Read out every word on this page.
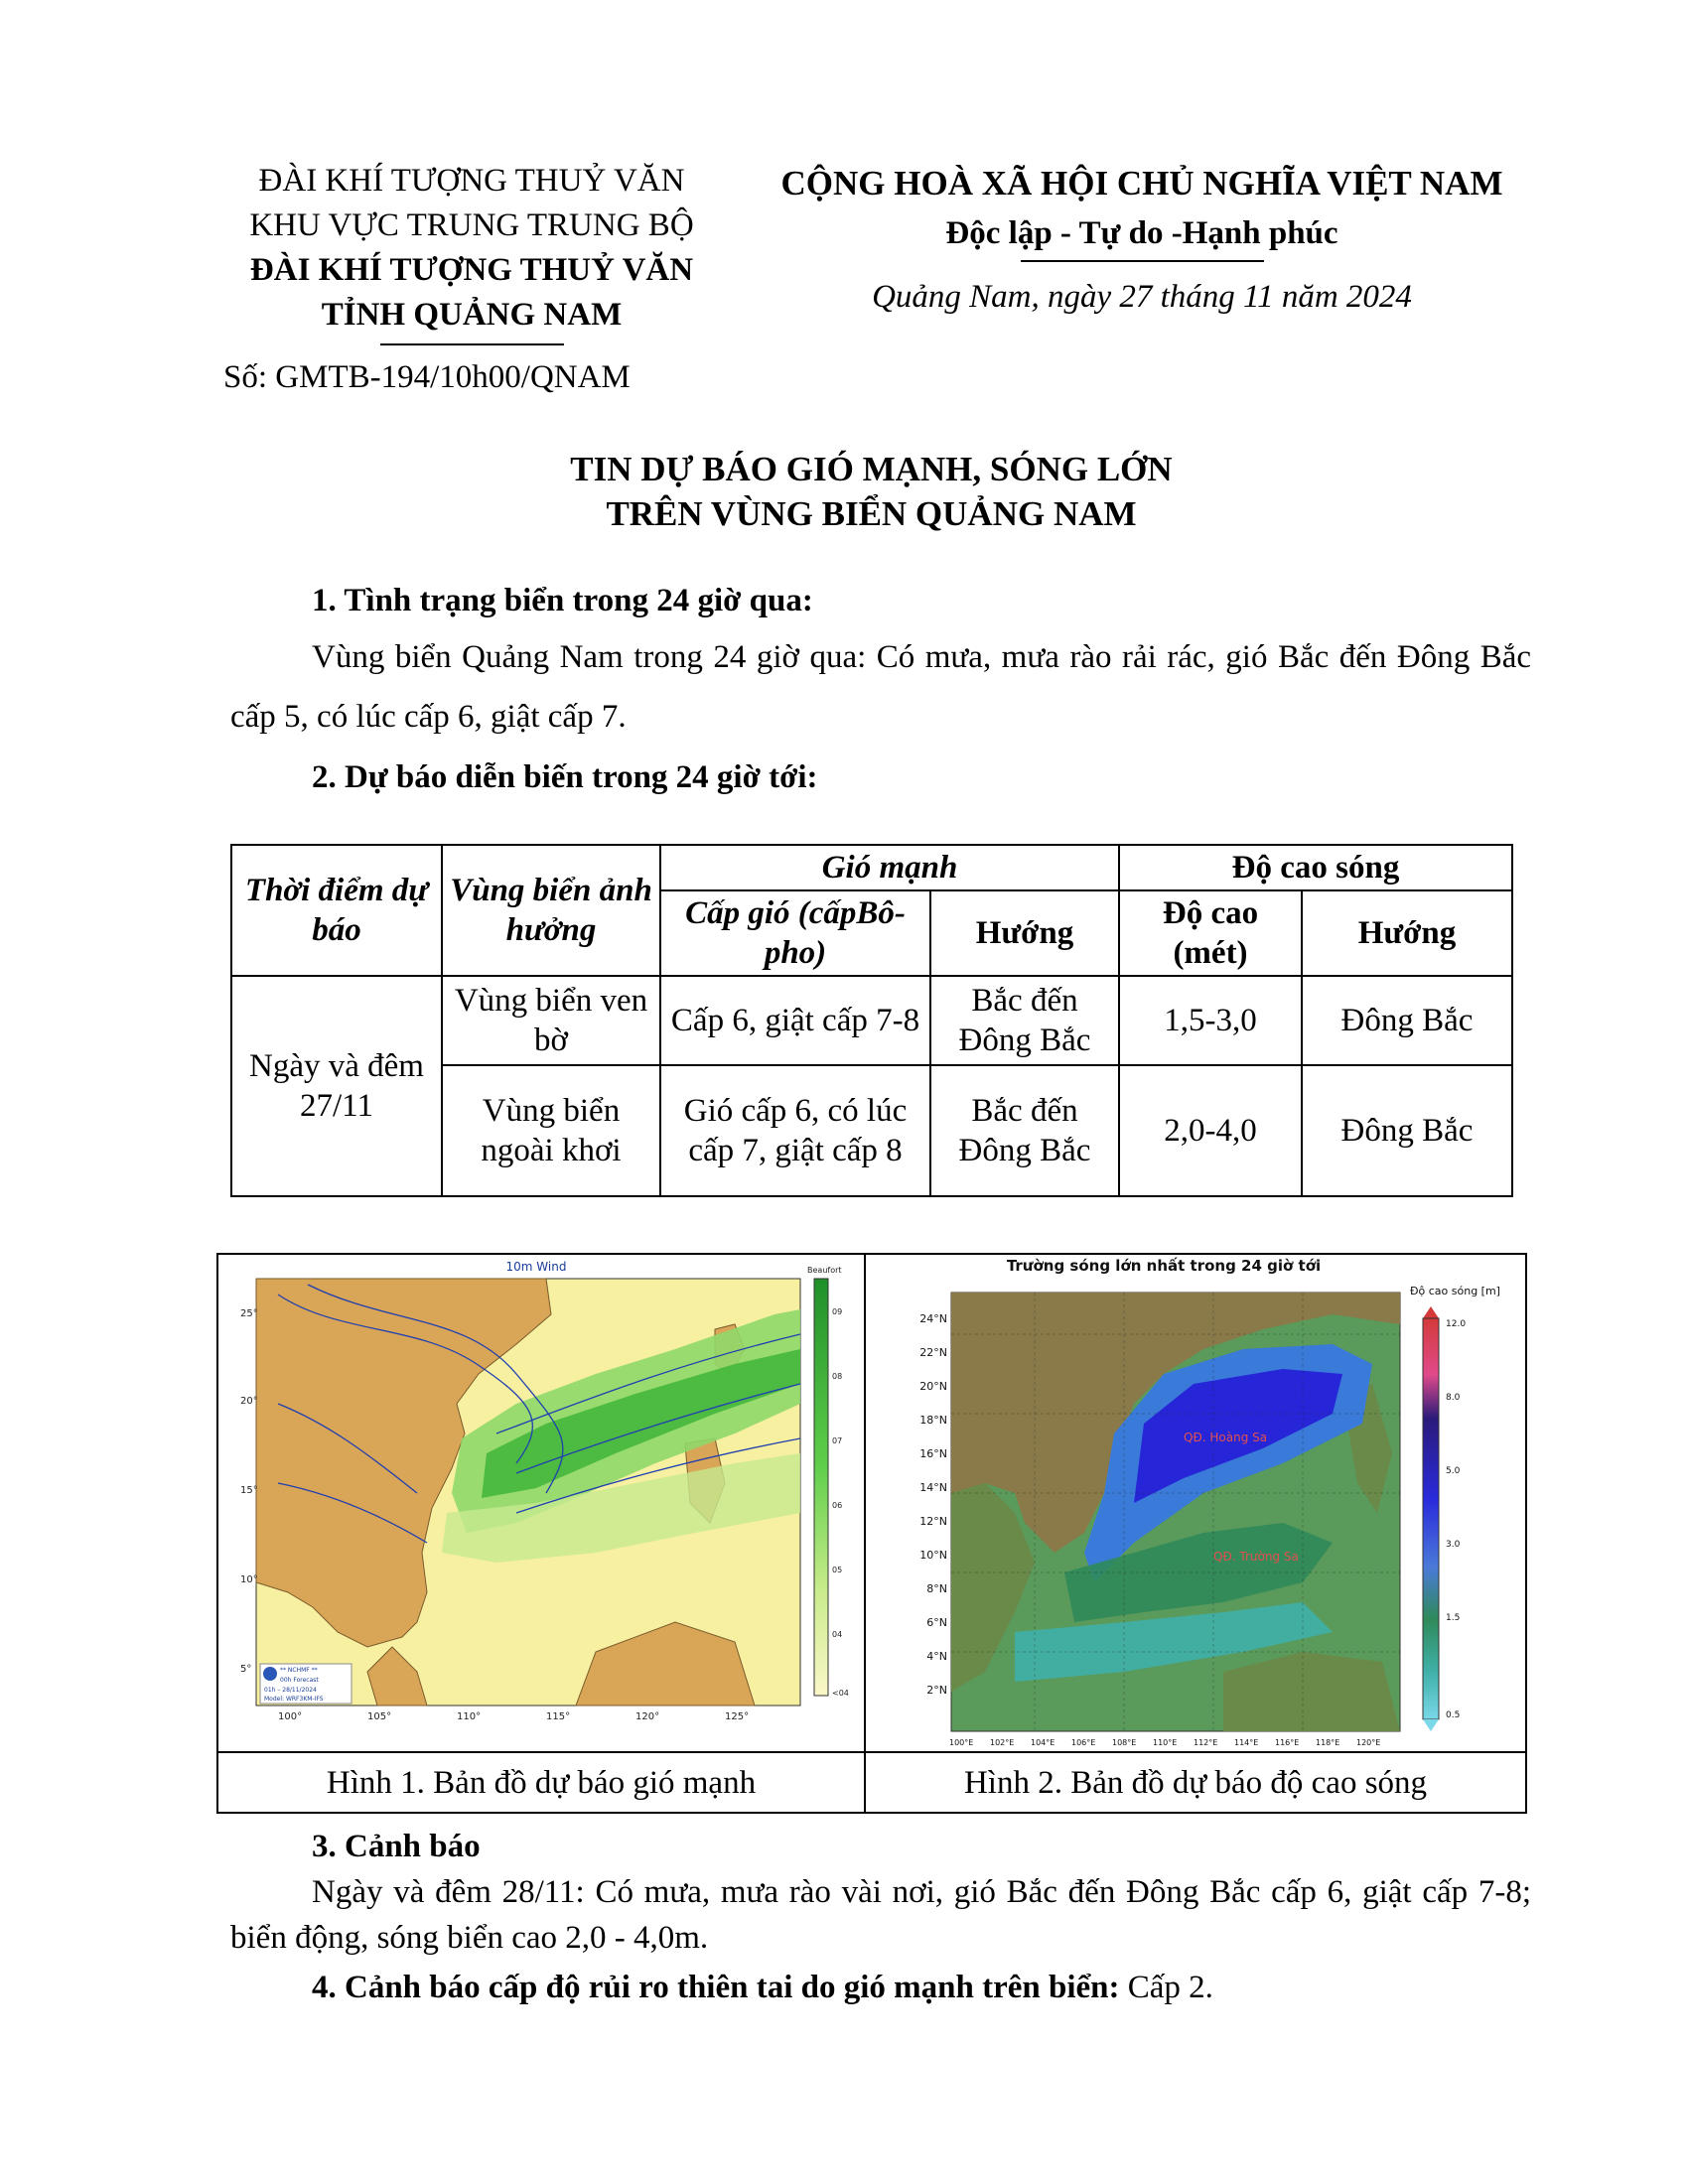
ĐÀI KHÍ TƯỢNG THUỶ VĂN
KHU VỰC TRUNG TRUNG BỘ
ĐÀI KHÍ TƯỢNG THUỶ VĂN
TỈNH QUẢNG NAM
Số: GMTB-194/10h00/QNAM
CỘNG HOÀ XÃ HỘI CHỦ NGHĨA VIỆT NAM
Độc lập - Tự do -Hạnh phúc
Quảng Nam, ngày 27 tháng 11 năm 2024
TIN DỰ BÁO GIÓ MẠNH, SÓNG LỚN
TRÊN VÙNG BIỂN QUẢNG NAM
1. Tình trạng biển trong 24 giờ qua:
Vùng biển Quảng Nam trong 24 giờ qua: Có mưa, mưa rào rải rác, gió Bắc đến Đông Bắc cấp 5, có lúc cấp 6, giật cấp 7.
2. Dự báo diễn biến trong 24 giờ tới:
Thời điểm dự báo	Vùng biển ảnh hưởng	Gió mạnh		Độ cao sóng	
		Cấp gió (cấpBô-pho)	Hướng	Độ cao (mét)	Hướng
Ngày và đêm 27/11	Vùng biển ven bờ	Cấp 6, giật cấp 7-8	Bắc đến Đông Bắc	1,5-3,0	Đông Bắc
	Vùng biển ngoài khơi	Gió cấp 6, có lúc cấp 7, giật cấp 8	Bắc đến Đông Bắc	2,0-4,0	Đông Bắc
10m Wind
25°
20°
15°
10°
5°
100°	105°	110°	115°	120°	125°
** NCHMF **
00h Forecast
01h – 28/11/2024
Model: WRF3KM-IFS
Beaufort
09
08
07
06
05
04
<04
Hình 1. Bản đồ dự báo gió mạnh
Trường sóng lớn nhất trong 24 giờ tới
QĐ. Hoàng Sa
QĐ. Trường Sa
24°N
22°N
20°N
18°N
16°N
14°N
12°N
10°N
8°N
6°N
4°N
2°N
100°E 102°E 104°E 106°E 108°E 110°E 112°E 114°E 116°E 118°E 120°E
Độ cao sóng [m]
12.0
8.0
5.0
3.0
1.5
0.5
Hình 2. Bản đồ dự báo độ cao sóng
3. Cảnh báo
Ngày và đêm 28/11: Có mưa, mưa rào vài nơi, gió Bắc đến Đông Bắc cấp 6, giật cấp 7-8; biển động, sóng biển cao 2,0 - 4,0m.
4. Cảnh báo cấp độ rủi ro thiên tai do gió mạnh trên biển: Cấp 2.
